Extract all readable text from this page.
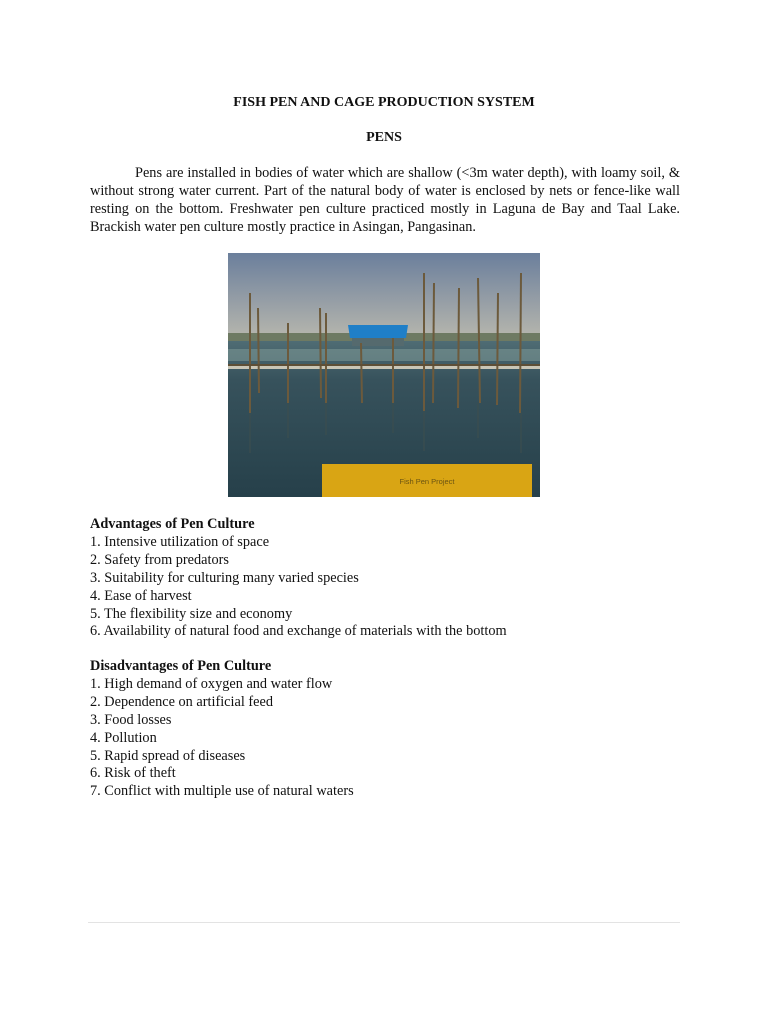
FISH PEN AND CAGE PRODUCTION SYSTEM
PENS

Pens are installed in bodies of water which are shallow (<3m water depth), with loamy soil, & without strong water current. Part of the natural body of water is enclosed by nets or fence-like wall resting on the bottom. Freshwater pen culture practiced mostly in Laguna de Bay and Taal Lake. Brackish water pen culture mostly practice in Asingan, Pangasinan.

Fish Pen Project
Advantages of Pen Culture
1. Intensive utilization of space
2. Safety from predators
3. Suitability for culturing many varied species
4. Ease of harvest
5. The flexibility size and economy
6. Availability of natural food and exchange of materials with the bottom
Disadvantages of Pen Culture
1. High demand of oxygen and water flow
2. Dependence on artificial feed
3. Food losses
4. Pollution
5. Rapid spread of diseases
6. Risk of theft
7. Conflict with multiple use of natural waters
